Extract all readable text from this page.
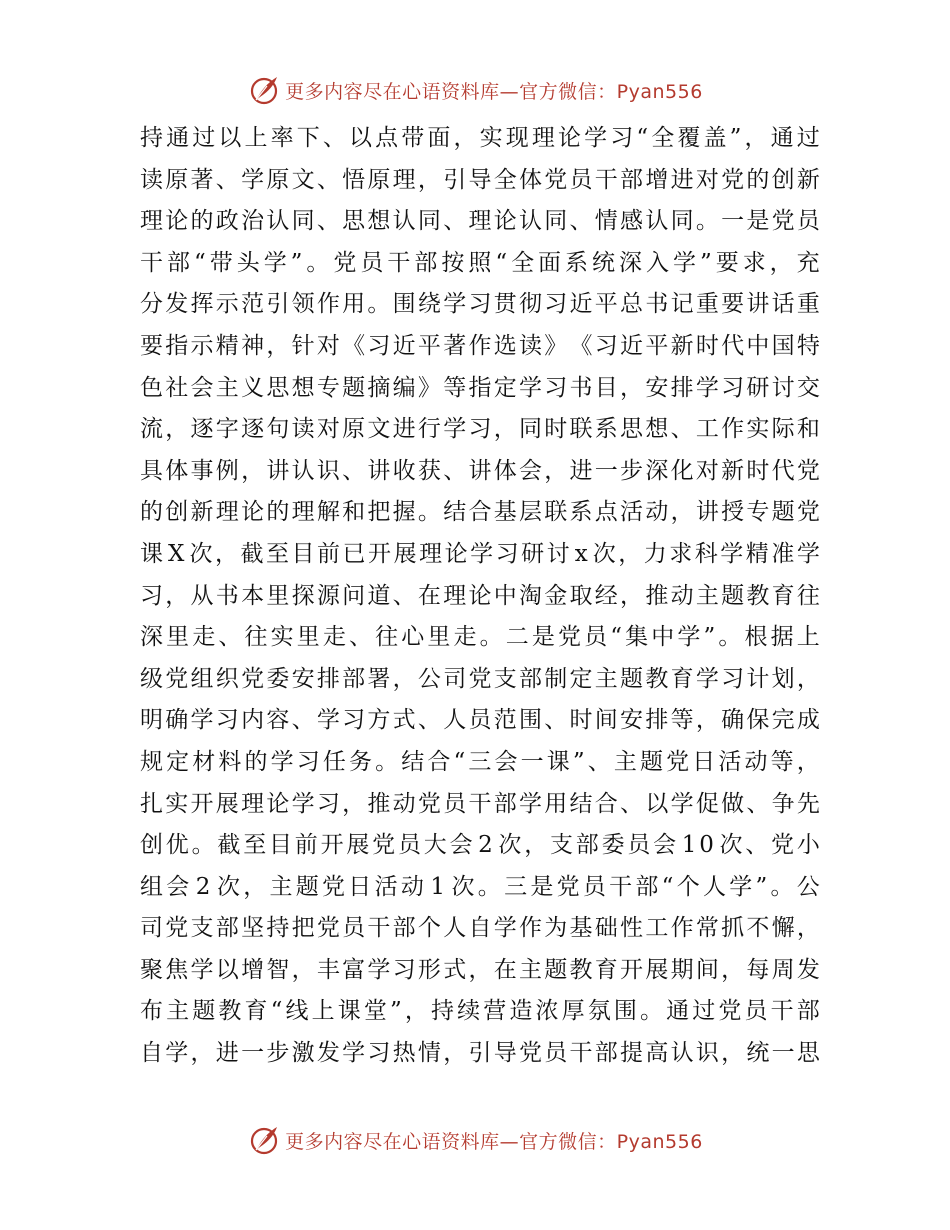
更多内容尽在心语资料库—官方微信：Pyan556
持 通 过 以 上 率 下 、 以 点 带 面 ， 实 现 理 论 学 习 “ 全 覆 盖 ” ， 通 过
读 原 著 、 学 原 文 、 悟 原 理 ， 引 导 全 体 党 员 干 部 增 进 对 党 的 创 新
理 论 的 政 治 认 同 、 思 想 认 同 、 理 论 认 同 、 情 感 认 同 。 一 是 党 员
干 部 “ 带 头 学 ” 。 党 员 干 部 按 照 “ 全 面 系 统 深 入 学 ” 要 求 ， 充
分 发 挥 示 范 引 领 作 用 。 围 绕 学 习 贯 彻 习 近 平 总 书 记 重 要 讲 话 重
要 指 示 精 神 ， 针 对 《 习 近 平 著 作 选 读 》 《 习 近 平 新 时 代 中 国 特
色 社 会 主 义 思 想 专 题 摘 编 》 等 指 定 学 习 书 目 ， 安 排 学 习 研 讨 交
流 ， 逐 字 逐 句 读 对 原 文 进 行 学 习 ， 同 时 联 系 思 想 、 工 作 实 际 和
具 体 事 例 ， 讲 认 识 、 讲 收 获 、 讲 体 会 ， 进 一 步 深 化 对 新 时 代 党
的 创 新 理 论 的 理 解 和 把 握 。 结 合 基 层 联 系 点 活 动 ， 讲 授 专 题 党
课 X 次 ， 截 至 目 前 已 开 展 理 论 学 习 研 讨 x 次 ， 力 求 科 学 精 准 学
习 ， 从 书 本 里 探 源 问 道 、 在 理 论 中 淘 金 取 经 ， 推 动 主 题 教 育 往
深 里 走 、 往 实 里 走 、 往 心 里 走 。 二 是 党 员 “ 集 中 学 ” 。 根 据 上
级 党 组 织 党 委 安 排 部 署 ， 公 司 党 支 部 制 定 主 题 教 育 学 习 计 划 ，
明 确 学 习 内 容 、 学 习 方 式 、 人 员 范 围 、 时 间 安 排 等 ， 确 保 完 成
规 定 材 料 的 学 习 任 务 。 结 合 “ 三 会 一 课 ” 、 主 题 党 日 活 动 等 ，
扎 实 开 展 理 论 学 习 ， 推 动 党 员 干 部 学 用 结 合 、 以 学 促 做 、 争 先
创 优 。 截 至 目 前 开 展 党 员 大 会 2 次 ， 支 部 委 员 会 1 0 次 、 党 小
组 会 2 次 ， 主 题 党 日 活 动 1 次 。 三 是 党 员 干 部 “ 个 人 学 ” 。 公
司 党 支 部 坚 持 把 党 员 干 部 个 人 自 学 作 为 基 础 性 工 作 常 抓 不 懈 ，
聚 焦 学 以 增 智 ， 丰 富 学 习 形 式 ， 在 主 题 教 育 开 展 期 间 ， 每 周 发
布 主 题 教 育 “ 线 上 课 堂 ” ， 持 续 营 造 浓 厚 氛 围 。 通 过 党 员 干 部
自 学 ， 进 一 步 激 发 学 习 热 情 ， 引 导 党 员 干 部 提 高 认 识 ， 统 一 思
更多内容尽在心语资料库—官方微信：Pyan556
